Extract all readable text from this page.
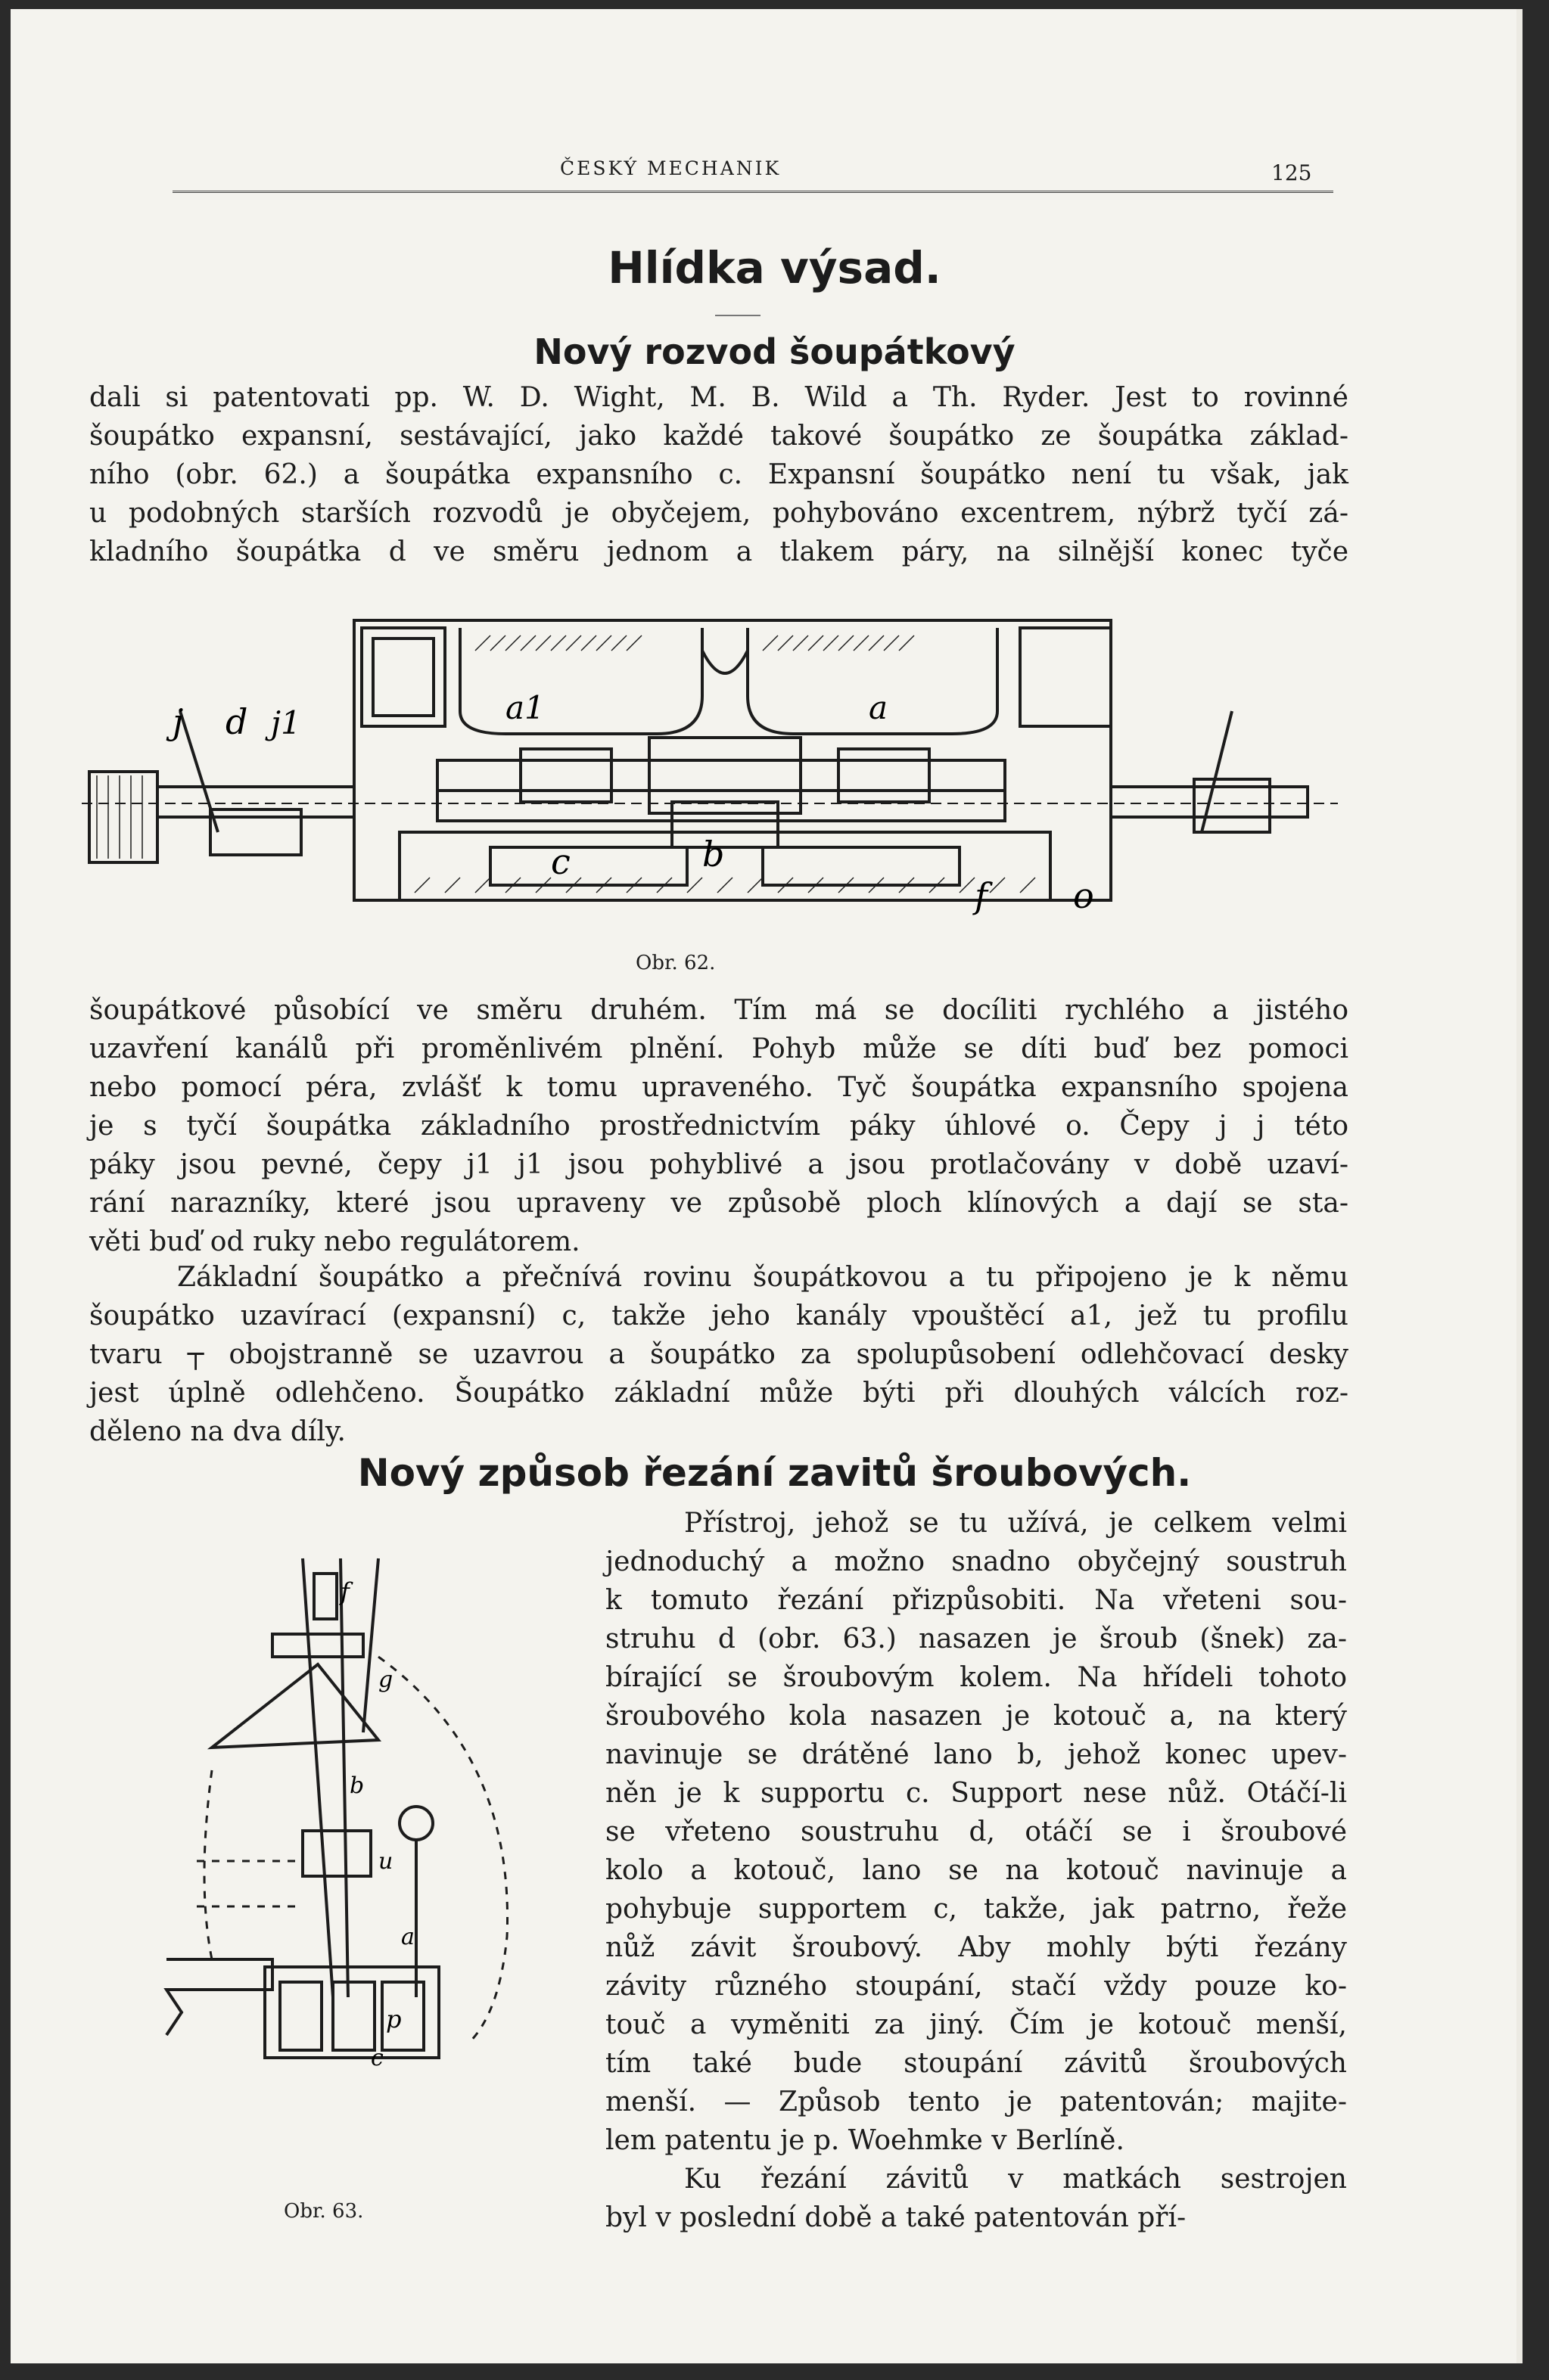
ČESKÝ MECHANIK	125
Hlídka výsad.
Nový rozvod šoupátkový
dali si patentovati pp. W. D. Wight, M. B. Wild a Th. Ryder. Jest to rovinné
šoupátko expansní, sestávající, jako každé takové šoupátko ze šoupátka základ-
ního (obr. 62.) a šoupátka expansního c. Expansní šoupátko není tu však, jak
u podobných starších rozvodů je obyčejem, pohybováno excentrem, nýbrž tyčí zá-
kladního šoupátka d ve směru jednom a tlakem páry, na silnější konec tyče
j d j1	a1	a
b
c
f o
Obr. 62.
šoupátkové působící ve směru druhém. Tím má se docíliti rychlého a jistého
uzavření kanálů při proměnlivém plnění. Pohyb může se díti buď bez pomoci
nebo pomocí péra, zvlášť k tomu upraveného. Tyč šoupátka expansního spojena
je s tyčí šoupátka základního prostřednictvím páky úhlové o. Čepy j j této
páky jsou pevné, čepy j1 j1 jsou pohyblivé a jsou protlačovány v době uzaví-
rání narazníky, které jsou upraveny ve způsobě ploch klínových a dají se sta-
věti buď od ruky nebo regulátorem.
Základní šoupátko a přečnívá rovinu šoupátkovou a tu připojeno je k němu
šoupátko uzavírací (expansní) c, takže jeho kanály vpouštěcí a1, jež tu profilu
tvaru ┬ obojstranně se uzavrou a šoupátko za spolupůsobení odlehčovací desky
jest úplně odlehčeno. Šoupátko základní může býti při dlouhých válcích roz-
děleno na dva díly.
Nový způsob řezání zavitů šroubových.
f
g
b
u
a
p
c
Obr. 63.
Přístroj, jehož se tu užívá, je celkem velmi
jednoduchý a možno snadno obyčejný soustruh
k tomuto řezání přizpůsobiti. Na vřeteni sou-
struhu d (obr. 63.) nasazen je šroub (šnek) za-
bírající se šroubovým kolem. Na hřídeli tohoto
šroubového kola nasazen je kotouč a, na který
navinuje se drátěné lano b, jehož konec upev-
něn je k supportu c. Support nese nůž. Otáčí-li
se vřeteno soustruhu d, otáčí se i šroubové
kolo a kotouč, lano se na kotouč navinuje a
pohybuje supportem c, takže, jak patrno, řeže
nůž závit šroubový. Aby mohly býti řezány
závity různého stoupání, stačí vždy pouze ko-
touč a vyměniti za jiný. Čím je kotouč menší,
tím také bude stoupání závitů šroubových
menší. — Způsob tento je patentován; majite-
lem patentu je p. Woehmke v Berlíně.
Ku řezání závitů v matkách sestrojen
byl v poslední době a také patentován pří-
